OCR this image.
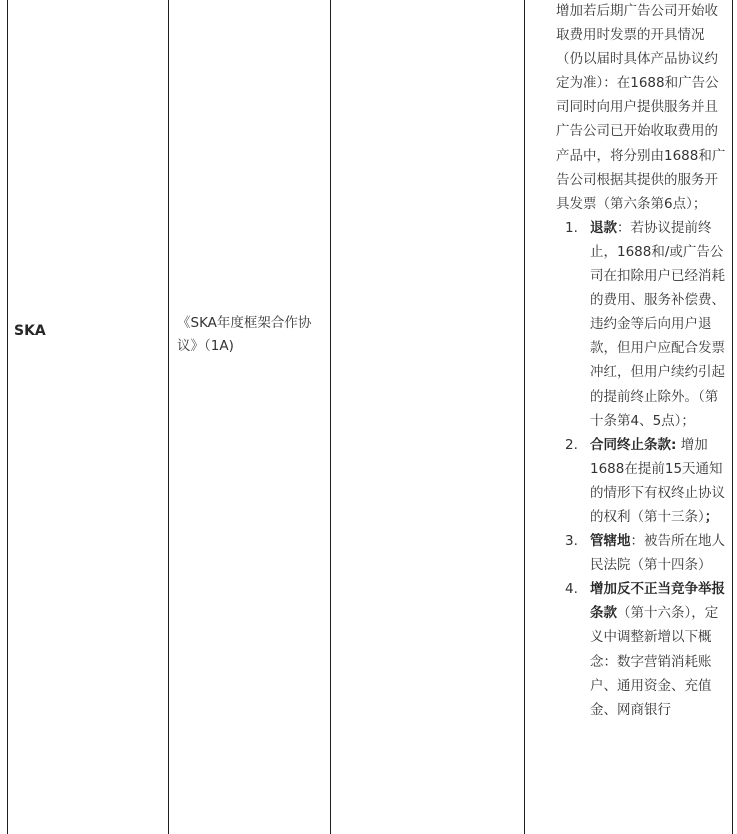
SKA	《SKA年度框架合作协议》（1A)

增加若后期广告公司开始收取费用时发票的开具情况（仍以届时具体产品协议约定为准）：在1688和广告公司同时向用户提供服务并且广告公司已开始收取费用的产品中，将分别由1688和广告公司根据其提供的服务开具发票（第六条第6点）；

1. 退款：若协议提前终止，1688和/或广告公司在扣除用户已经消耗的费用、服务补偿费、违约金等后向用户退款，但用户应配合发票冲红，但用户续约引起的提前终止除外。（第十条第4、5点）；
2. 合同终止条款: 增加1688在提前15天通知的情形下有权终止协议的权利（第十三条）；
3. 管辖地：被告所在地人民法院（第十四条）
4. 增加反不正当竞争举报条款（第十六条），定义中调整新增以下概念：数字营销消耗账户、通用资金、充值金、网商银行
